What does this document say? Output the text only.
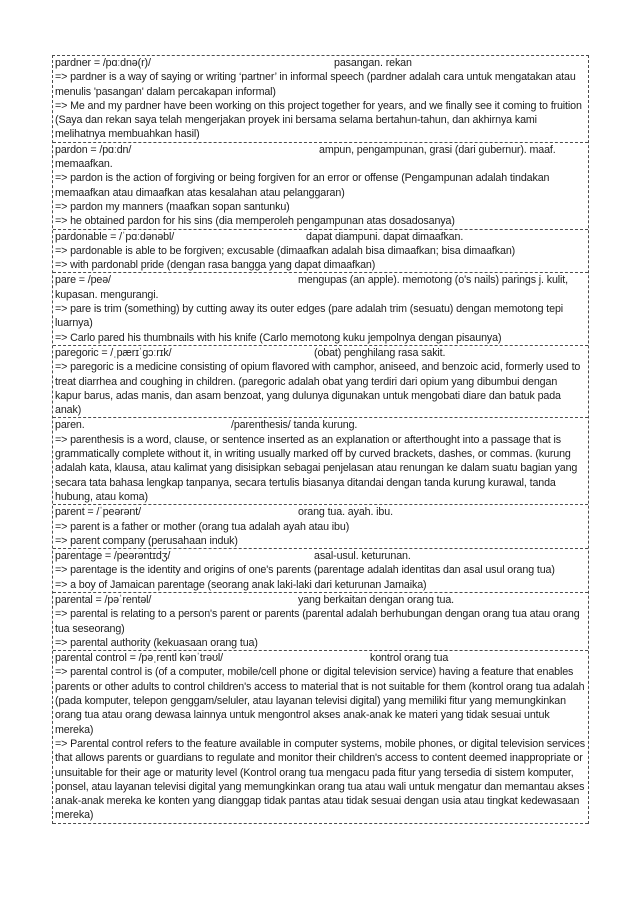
pardner = /pɑːdnə(r)/	pasangan. rekan
=> pardner is a way of saying or writing ‘partner’ in informal speech (pardner adalah cara untuk mengatakan atau menulis 'pasangan' dalam percakapan informal)
=> Me and my pardner have been working on this project together for years, and we finally see it coming to fruition (Saya dan rekan saya telah mengerjakan proyek ini bersama selama bertahun-tahun, dan akhirnya kami melihatnya membuahkan hasil)
pardon = /pɑːdn/	ampun, pengampunan, grasi (dari gubernur). maaf. memaafkan.
=> pardon is the action of forgiving or being forgiven for an error or offense (Pengampunan adalah tindakan memaafkan atau dimaafkan atas kesalahan atau pelanggaran)
=> pardon my manners (maafkan sopan santunku)
=> he obtained pardon for his sins (dia memperoleh pengampunan atas dosadosanya)
pardonable = /ˈpɑːdənəbl/	dapat diampuni. dapat dimaafkan.
=> pardonable is able to be forgiven; excusable (dimaafkan adalah bisa dimaafkan; bisa dimaafkan)
=> with pardonabl pride (dengan rasa bangga yang dapat dimaafkan)
pare = /peə/	mengupas (an apple). memotong (o's nails) parings j. kulit, kupasan. mengurangi.
=> pare is trim (something) by cutting away its outer edges (pare adalah trim (sesuatu) dengan memotong tepi luarnya)
=> Carlo pared his thumbnails with his knife (Carlo memotong kuku jempolnya dengan pisaunya)
paregoric = /ˌpærɪˈgɔːrɪk/	(obat) penghilang rasa sakit.
=> paregoric is a medicine consisting of opium flavored with camphor, aniseed, and benzoic acid, formerly used to treat diarrhea and coughing in children. (paregoric adalah obat yang terdiri dari opium yang dibumbui dengan kapur barus, adas manis, dan asam benzoat, yang dulunya digunakan untuk mengobati diare dan batuk pada anak)
paren.	/parenthesis/ tanda kurung.
=> parenthesis is a word, clause, or sentence inserted as an explanation or afterthought into a passage that is grammatically complete without it, in writing usually marked off by curved brackets, dashes, or commas. (kurung adalah kata, klausa, atau kalimat yang disisipkan sebagai penjelasan atau renungan ke dalam suatu bagian yang secara tata bahasa lengkap tanpanya, secara tertulis biasanya ditandai dengan tanda kurung kurawal, tanda hubung, atau koma)
parent = /ˈpeərənt/	orang tua. ayah. ibu.
=> parent is a father or mother (orang tua adalah ayah atau ibu)
=> parent company (perusahaan induk)
parentage = /peərəntɪdʒ/	asal-usul. keturunan.
=> parentage is the identity and origins of one's parents (parentage adalah identitas dan asal usul orang tua)
=> a boy of Jamaican parentage (seorang anak laki-laki dari keturunan Jamaika)
parental = /pəˈrentəl/	yang berkaitan dengan orang tua.
=> parental is relating to a person's parent or parents (parental adalah berhubungan dengan orang tua atau orang tua seseorang)
=> parental authority (kekuasaan orang tua)
parental control = /pəˌrentl kənˈtrəʊl/	kontrol orang tua
=> parental control is (of a computer, mobile/cell phone or digital television service) having a feature that enables parents or other adults to control children's access to material that is not suitable for them (kontrol orang tua adalah (pada komputer, telepon genggam/seluler, atau layanan televisi digital) yang memiliki fitur yang memungkinkan orang tua atau orang dewasa lainnya untuk mengontrol akses anak-anak ke materi yang tidak sesuai untuk mereka)
=> Parental control refers to the feature available in computer systems, mobile phones, or digital television services that allows parents or guardians to regulate and monitor their children's access to content deemed inappropriate or unsuitable for their age or maturity level (Kontrol orang tua mengacu pada fitur yang tersedia di sistem komputer, ponsel, atau layanan televisi digital yang memungkinkan orang tua atau wali untuk mengatur dan memantau akses anak-anak mereka ke konten yang dianggap tidak pantas atau tidak sesuai dengan usia atau tingkat kedewasaan mereka)
